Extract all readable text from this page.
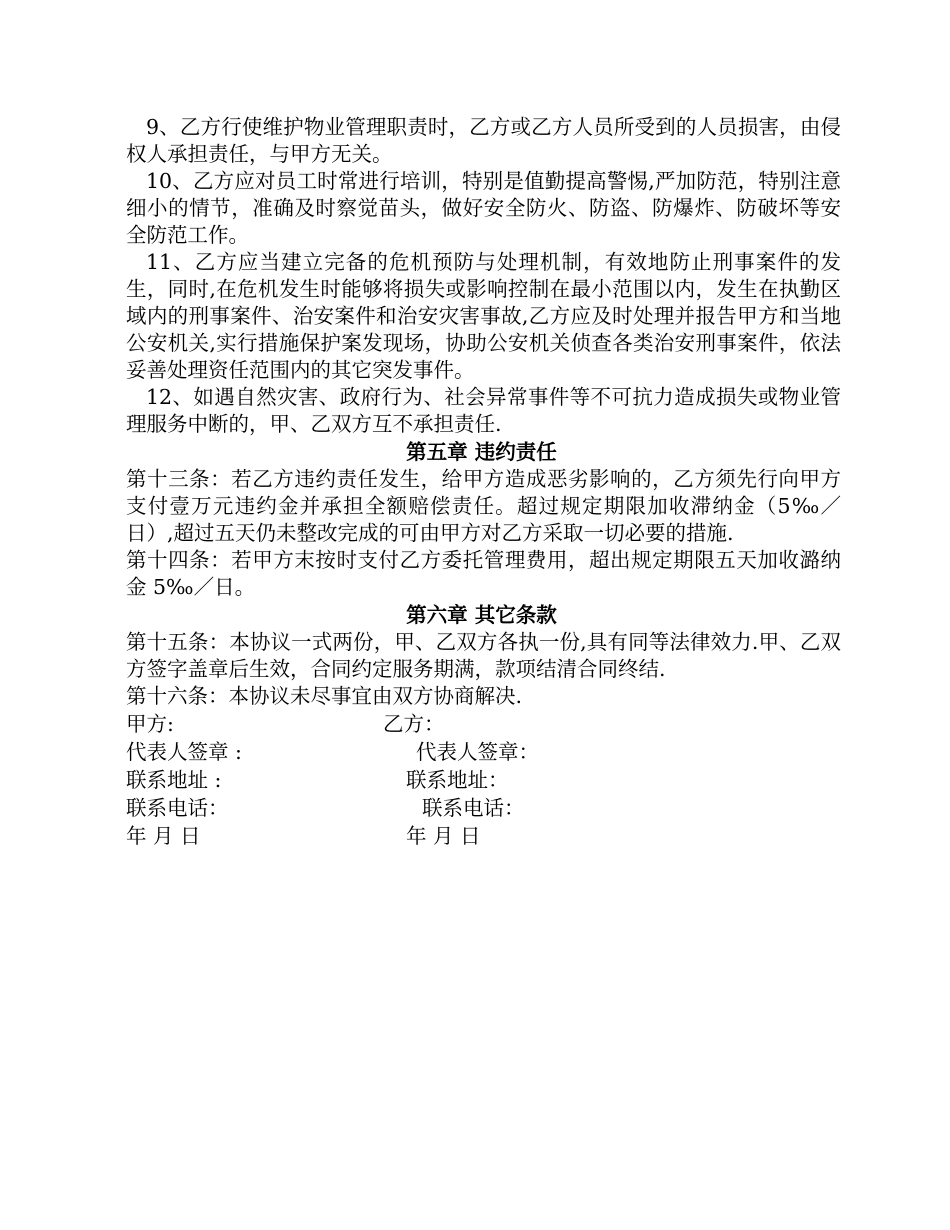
9、乙方行使维护物业管理职责时，乙方或乙方人员所受到的人员损害，由侵权人承担责任，与甲方无关。

10、乙方应对员工时常进行培训，特别是值勤提高警惕,严加防范，特别注意细小的情节，准确及时察觉苗头，做好安全防火、防盗、防爆炸、防破坏等安全防范工作。

11、乙方应当建立完备的危机预防与处理机制，有效地防止刑事案件的发生，同时,在危机发生时能够将损失或影响控制在最小范围以内，发生在执勤区域内的刑事案件、治安案件和治安灾害事故,乙方应及时处理并报告甲方和当地公安机关,实行措施保护案发现场，协助公安机关侦查各类治安刑事案件，依法妥善处理资任范围内的其它突发事件。

12、如遇自然灾害、政府行为、社会异常事件等不可抗力造成损失或物业管理服务中断的，甲、乙双方互不承担责任.

第五章 违约责任

第十三条：若乙方违约责任发生，给甲方造成恶劣影响的，乙方须先行向甲方支付壹万元违约金并承担全额赔偿责任。超过规定期限加收滞纳金（5‰／日）,超过五天仍未整改完成的可由甲方对乙方采取一切必要的措施.

第十四条：若甲方末按时支付乙方委托管理费用，超出规定期限五天加收潞纳金 5‰／日。

第六章 其它条款

第十五条：本协议一式两份，甲、乙双方各执一份,具有同等法律效力.甲、乙双方签字盖章后生效，合同约定服务期满，款项结清合同终结.

第十六条：本协议未尽事宜由双方协商解决.

甲方:	乙方：
代表人签章 :	代表人签章：
联系地址 :	联系地址：
联系电话：	联系电话：
年 月 日	年 月 日
